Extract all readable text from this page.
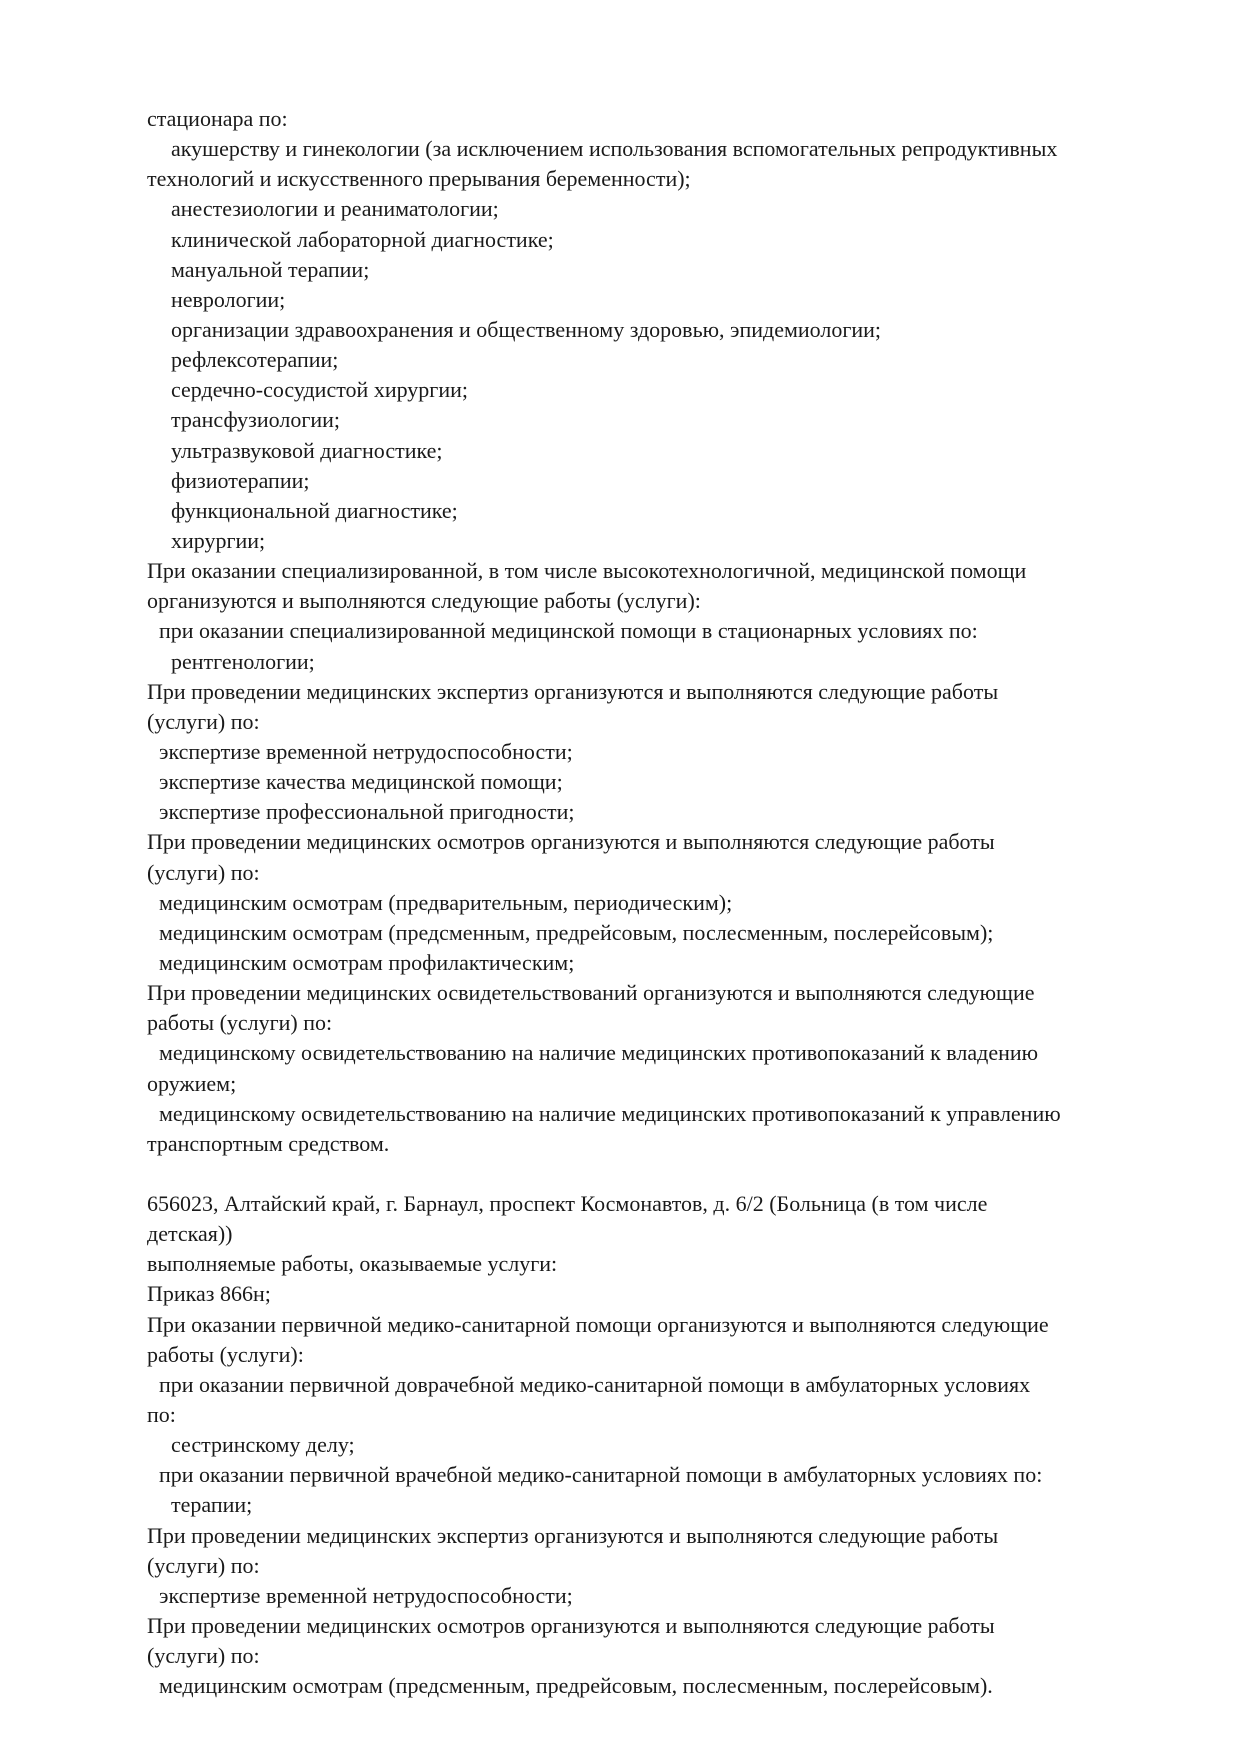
стационара по:
акушерству и гинекологии (за исключением использования вспомогательных репродуктивных
технологий и искусственного прерывания беременности);
анестезиологии и реаниматологии;
клинической лабораторной диагностике;
мануальной терапии;
неврологии;
организации здравоохранения и общественному здоровью, эпидемиологии;
рефлексотерапии;
сердечно-сосудистой хирургии;
трансфузиологии;
ультразвуковой диагностике;
физиотерапии;
функциональной диагностике;
хирургии;
При оказании специализированной, в том числе высокотехнологичной, медицинской помощи
организуются и выполняются следующие работы (услуги):
при оказании специализированной медицинской помощи в стационарных условиях по:
рентгенологии;
При проведении медицинских экспертиз организуются и выполняются следующие работы
(услуги) по:
экспертизе временной нетрудоспособности;
экспертизе качества медицинской помощи;
экспертизе профессиональной пригодности;
При проведении медицинских осмотров организуются и выполняются следующие работы
(услуги) по:
медицинским осмотрам (предварительным, периодическим);
медицинским осмотрам (предсменным, предрейсовым, послесменным, послерейсовым);
медицинским осмотрам профилактическим;
При проведении медицинских освидетельствований организуются и выполняются следующие
работы (услуги) по:
медицинскому освидетельствованию на наличие медицинских противопоказаний к владению
оружием;
медицинскому освидетельствованию на наличие медицинских противопоказаний к управлению
транспортным средством.
656023, Алтайский край, г. Барнаул, проспект Космонавтов, д. 6/2 (Больница (в том числе
детская))
выполняемые работы, оказываемые услуги:
Приказ 866н;
При оказании первичной медико-санитарной помощи организуются и выполняются следующие
работы (услуги):
при оказании первичной доврачебной медико-санитарной помощи в амбулаторных условиях
по:
сестринскому делу;
при оказании первичной врачебной медико-санитарной помощи в амбулаторных условиях по:
терапии;
При проведении медицинских экспертиз организуются и выполняются следующие работы
(услуги) по:
экспертизе временной нетрудоспособности;
При проведении медицинских осмотров организуются и выполняются следующие работы
(услуги) по:
медицинским осмотрам (предсменным, предрейсовым, послесменным, послерейсовым).
